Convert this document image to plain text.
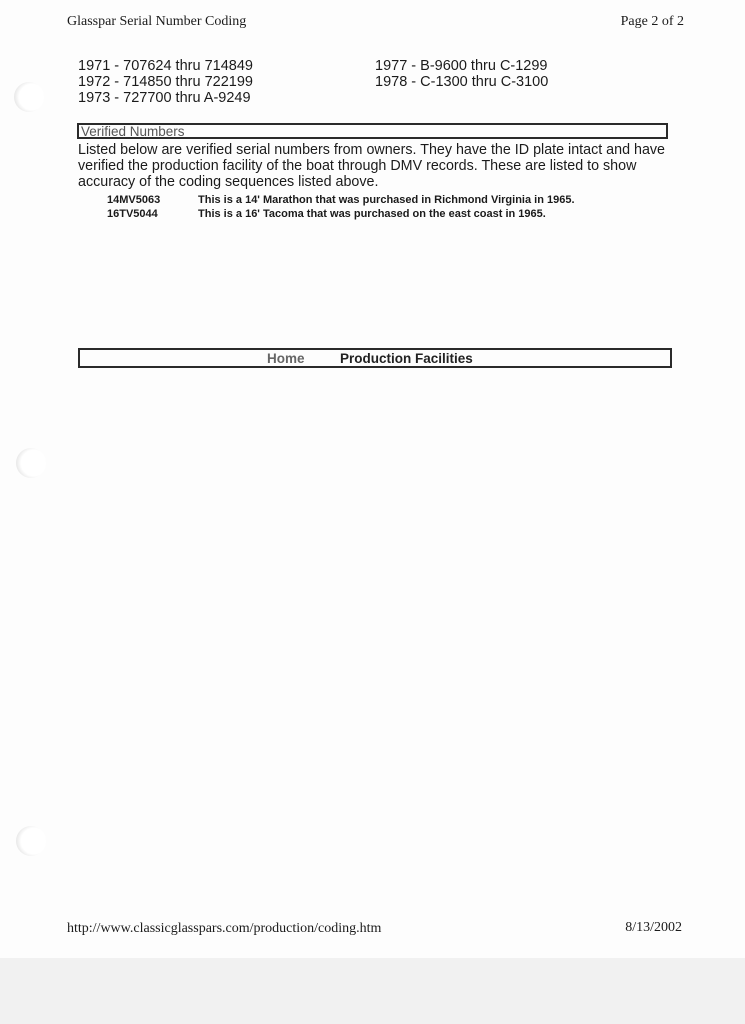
Glasspar Serial Number Coding	Page 2 of 2
1971 - 707624 thru 714849
1972 - 714850 thru 722199
1973 - 727700 thru A-9249
1977 - B-9600 thru C-1299
1978 - C-1300 thru C-3100
Verified Numbers
Listed below are verified serial numbers from owners. They have the ID plate intact and have verified the production facility of the boat through DMV records. These are listed to show accuracy of the coding sequences listed above.
14MV5063	This is a 14' Marathon that was purchased in Richmond Virginia in 1965.
16TV5044	This is a 16' Tacoma that was purchased on the east coast in 1965.
Home	Production Facilities
http://www.classicglasspars.com/production/coding.htm	8/13/2002
